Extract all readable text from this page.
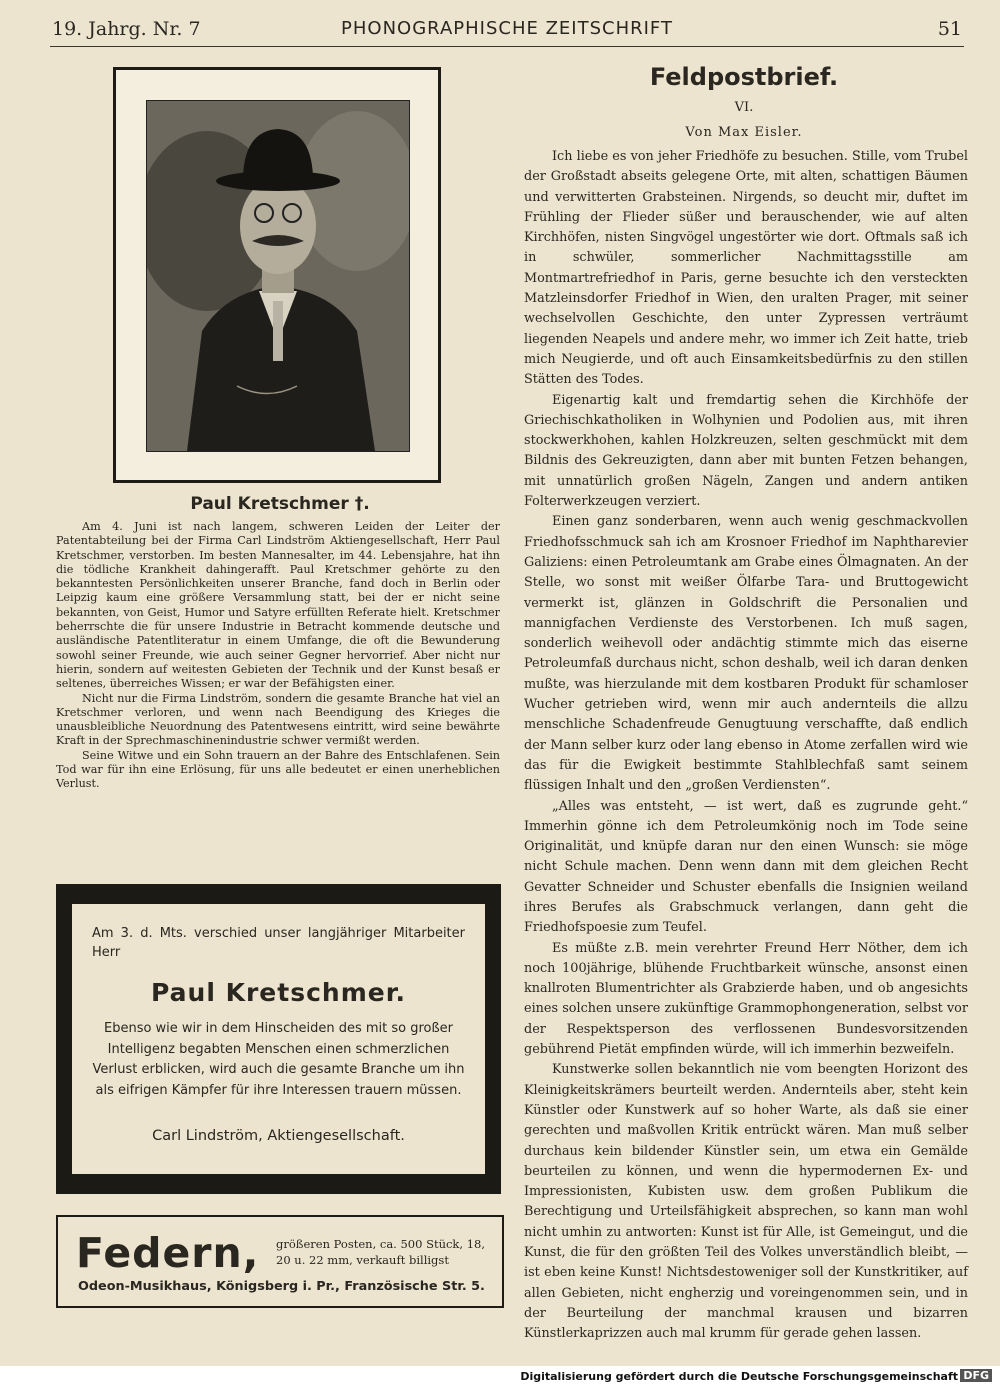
19. Jahrg. Nr. 7	PHONOGRAPHISCHE ZEITSCHRIFT	51
Paul Kretschmer †.

Am 4. Juni ist nach langem, schweren Leiden der Leiter der Patentabteilung bei der Firma Carl Lindström Aktiengesellschaft, Herr Paul Kretschmer, verstorben. Im besten Mannesalter, im 44. Lebensjahre, hat ihn die tödliche Krankheit dahingerafft. Paul Kretschmer gehörte zu den bekanntesten Persönlichkeiten unserer Branche, fand doch in Berlin oder Leipzig kaum eine größere Versammlung statt, bei der er nicht seine bekannten, von Geist, Humor und Satyre erfüllten Referate hielt. Kretschmer beherrschte die für unsere Industrie in Betracht kommende deutsche und ausländische Patentliteratur in einem Umfange, die oft die Bewunderung sowohl seiner Freunde, wie auch seiner Gegner hervorrief. Aber nicht nur hierin, sondern auf weitesten Gebieten der Technik und der Kunst besaß er seltenes, überreiches Wissen; er war der Befähigsten einer.

Nicht nur die Firma Lindström, sondern die gesamte Branche hat viel an Kretschmer verloren, und wenn nach Beendigung des Krieges die unausbleibliche Neuordnung des Patentwesens eintritt, wird seine bewährte Kraft in der Sprechmaschinenindustrie schwer vermißt werden.

Seine Witwe und ein Sohn trauern an der Bahre des Entschlafenen. Sein Tod war für ihn eine Erlösung, für uns alle bedeutet er einen unerheblichen Verlust.

Am 3. d. Mts. verschied unser langjähriger Mitarbeiter Herr
Paul Kretschmer.
Ebenso wie wir in dem Hinscheiden des mit so großer Intelligenz begabten Menschen einen schmerzlichen Verlust erblicken, wird auch die gesamte Branche um ihn als eifrigen Kämpfer für ihre Interessen trauern müssen.
Carl Lindström, Aktiengesellschaft.
Federn, größeren Posten, ca. 500 Stück, 18, 20 u. 22 mm, verkauft billigst
Odeon-Musikhaus, Königsberg i. Pr., Französische Str. 5.
Feldpostbrief.
VI.
Von Max Eisler.

Ich liebe es von jeher Friedhöfe zu besuchen. Stille, vom Trubel der Großstadt abseits gelegene Orte, mit alten, schattigen Bäumen und verwitterten Grabsteinen. Nirgends, so deucht mir, duftet im Frühling der Flieder süßer und berauschender, wie auf alten Kirchhöfen, nisten Singvögel ungestörter wie dort. Oftmals saß ich in schwüler, sommerlicher Nachmittagsstille am Montmartrefriedhof in Paris, gerne besuchte ich den versteckten Matzleinsdorfer Friedhof in Wien, den uralten Prager, mit seiner wechselvollen Geschichte, den unter Zypressen verträumt liegenden Neapels und andere mehr, wo immer ich Zeit hatte, trieb mich Neugierde, und oft auch Einsamkeitsbedürfnis zu den stillen Stätten des Todes.

Eigenartig kalt und fremdartig sehen die Kirchhöfe der Griechischkatholiken in Wolhynien und Podolien aus, mit ihren stockwerkhohen, kahlen Holzkreuzen, selten geschmückt mit dem Bildnis des Gekreuzigten, dann aber mit bunten Fetzen behangen, mit unnatürlich großen Nägeln, Zangen und andern antiken Folterwerkzeugen verziert.

Einen ganz sonderbaren, wenn auch wenig geschmackvollen Friedhofsschmuck sah ich am Krosnoer Friedhof im Naphtharevier Galiziens: einen Petroleumtank am Grabe eines Ölmagnaten. An der Stelle, wo sonst mit weißer Ölfarbe Tara- und Bruttogewicht vermerkt ist, glänzen in Goldschrift die Personalien und mannigfachen Verdienste des Verstorbenen. Ich muß sagen, sonderlich weihevoll oder andächtig stimmte mich das eiserne Petroleumfaß durchaus nicht, schon deshalb, weil ich daran denken mußte, was hierzulande mit dem kostbaren Produkt für schamloser Wucher getrieben wird, wenn mir auch andernteils die allzu menschliche Schadenfreude Genugtuung verschaffte, daß endlich der Mann selber kurz oder lang ebenso in Atome zerfallen wird wie das für die Ewigkeit bestimmte Stahlblechfaß samt seinem flüssigen Inhalt und den „großen Verdiensten“.

„Alles was entsteht, — ist wert, daß es zugrunde geht.“ Immerhin gönne ich dem Petroleumkönig noch im Tode seine Originalität, und knüpfe daran nur den einen Wunsch: sie möge nicht Schule machen. Denn wenn dann mit dem gleichen Recht Gevatter Schneider und Schuster ebenfalls die Insignien weiland ihres Berufes als Grabschmuck verlangen, dann geht die Friedhofspoesie zum Teufel.

Es müßte z.B. mein verehrter Freund Herr Nöther, dem ich noch 100jährige, blühende Fruchtbarkeit wünsche, ansonst einen knallroten Blumentrichter als Grabzierde haben, und ob angesichts eines solchen unsere zukünftige Grammophongeneration, selbst vor der Respektsperson des verflossenen Bundesvorsitzenden gebührend Pietät empfinden würde, will ich immerhin bezweifeln.

Kunstwerke sollen bekanntlich nie vom beengten Horizont des Kleinigkeitskrämers beurteilt werden. Andernteils aber, steht kein Künstler oder Kunstwerk auf so hoher Warte, als daß sie einer gerechten und maßvollen Kritik entrückt wären. Man muß selber durchaus kein bildender Künstler sein, um etwa ein Gemälde beurteilen zu können, und wenn die hypermodernen Ex- und Impressionisten, Kubisten usw. dem großen Publikum die Berechtigung und Urteilsfähigkeit absprechen, so kann man wohl nicht umhin zu antworten: Kunst ist für Alle, ist Gemeingut, und die Kunst, die für den größten Teil des Volkes unverständlich bleibt, — ist eben keine Kunst! Nichtsdestoweniger soll der Kunstkritiker, auf allen Gebieten, nicht engherzig und voreingenommen sein, und in der Beurteilung der manchmal krausen und bizarren Künstlerkaprizzen auch mal krumm für gerade gehen lassen.

Digitalisierung gefördert durch die Deutsche Forschungsgemeinschaft DFG
